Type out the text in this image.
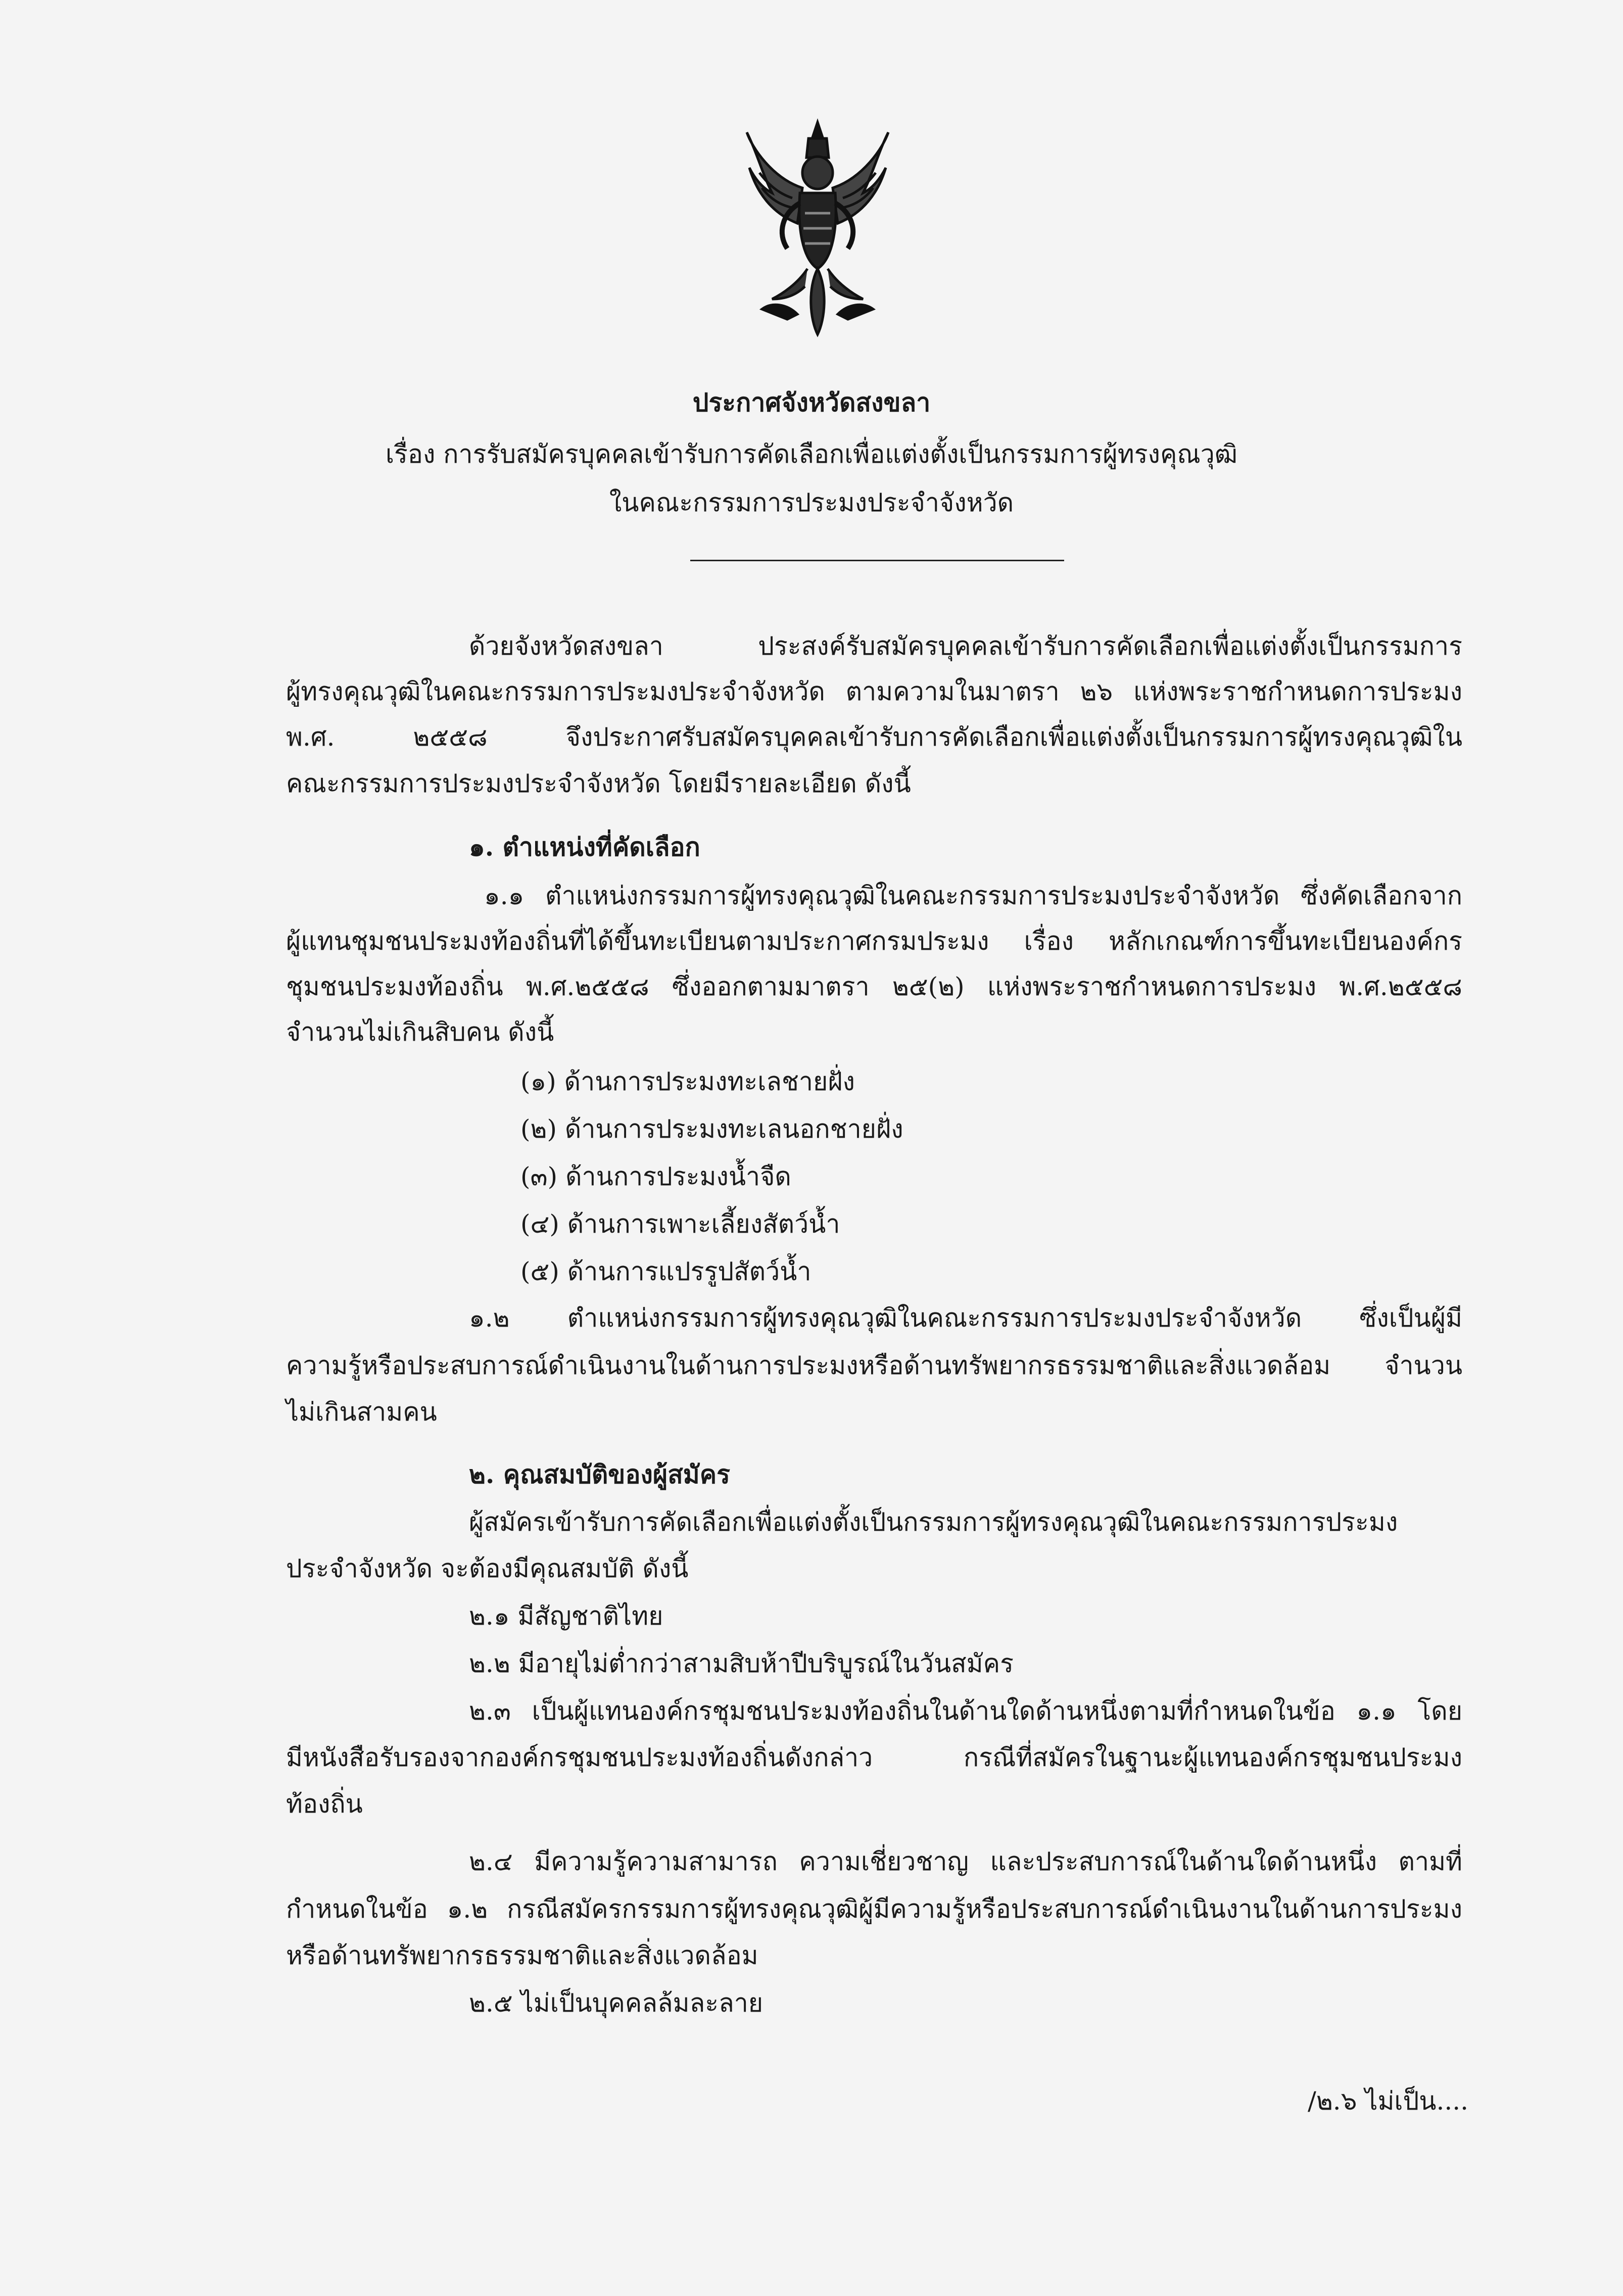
ประกาศจังหวัดสงขลา
เรื่อง การรับสมัครบุคคลเข้ารับการคัดเลือกเพื่อแต่งตั้งเป็นกรรมการผู้ทรงคุณวุฒิ
ในคณะกรรมการประมงประจำจังหวัด
ด้วยจังหวัดสงขลา ประสงค์รับสมัครบุคคลเข้ารับการคัดเลือกเพื่อแต่งตั้งเป็นกรรมการ
ผู้ทรงคุณวุฒิในคณะกรรมการประมงประจำจังหวัด ตามความในมาตรา ๒๖ แห่งพระราชกำหนดการประมง
พ.ศ. ๒๕๕๘ จึงประกาศรับสมัครบุคคลเข้ารับการคัดเลือกเพื่อแต่งตั้งเป็นกรรมการผู้ทรงคุณวุฒิใน
คณะกรรมการประมงประจำจังหวัด โดยมีรายละเอียด ดังนี้
๑. ตำแหน่งที่คัดเลือก
๑.๑ ตำแหน่งกรรมการผู้ทรงคุณวุฒิในคณะกรรมการประมงประจำจังหวัด ซึ่งคัดเลือกจาก
ผู้แทนชุมชนประมงท้องถิ่นที่ได้ขึ้นทะเบียนตามประกาศกรมประมง เรื่อง หลักเกณฑ์การขึ้นทะเบียนองค์กร
ชุมชนประมงท้องถิ่น พ.ศ.๒๕๕๘ ซึ่งออกตามมาตรา ๒๕(๒) แห่งพระราชกำหนดการประมง พ.ศ.๒๕๕๘
จำนวนไม่เกินสิบคน ดังนี้
(๑) ด้านการประมงทะเลชายฝั่ง
(๒) ด้านการประมงทะเลนอกชายฝั่ง
(๓) ด้านการประมงน้ำจืด
(๔) ด้านการเพาะเลี้ยงสัตว์น้ำ
(๕) ด้านการแปรรูปสัตว์น้ำ
๑.๒ ตำแหน่งกรรมการผู้ทรงคุณวุฒิในคณะกรรมการประมงประจำจังหวัด ซึ่งเป็นผู้มี
ความรู้หรือประสบการณ์ดำเนินงานในด้านการประมงหรือด้านทรัพยากรธรรมชาติและสิ่งแวดล้อม จำนวน
ไม่เกินสามคน
๒. คุณสมบัติของผู้สมัคร
ผู้สมัครเข้ารับการคัดเลือกเพื่อแต่งตั้งเป็นกรรมการผู้ทรงคุณวุฒิในคณะกรรมการประมง
ประจำจังหวัด จะต้องมีคุณสมบัติ ดังนี้
๒.๑ มีสัญชาติไทย
๒.๒ มีอายุไม่ต่ำกว่าสามสิบห้าปีบริบูรณ์ในวันสมัคร
๒.๓ เป็นผู้แทนองค์กรชุมชนประมงท้องถิ่นในด้านใดด้านหนึ่งตามที่กำหนดในข้อ ๑.๑ โดย
มีหนังสือรับรองจากองค์กรชุมชนประมงท้องถิ่นดังกล่าว กรณีที่สมัครในฐานะผู้แทนองค์กรชุมชนประมง
ท้องถิ่น
๒.๔ มีความรู้ความสามารถ ความเชี่ยวชาญ และประสบการณ์ในด้านใดด้านหนึ่ง ตามที่
กำหนดในข้อ ๑.๒ กรณีสมัครกรรมการผู้ทรงคุณวุฒิผู้มีความรู้หรือประสบการณ์ดำเนินงานในด้านการประมง
หรือด้านทรัพยากรธรรมชาติและสิ่งแวดล้อม
๒.๕ ไม่เป็นบุคคลล้มละลาย
/๒.๖ ไม่เป็น....
